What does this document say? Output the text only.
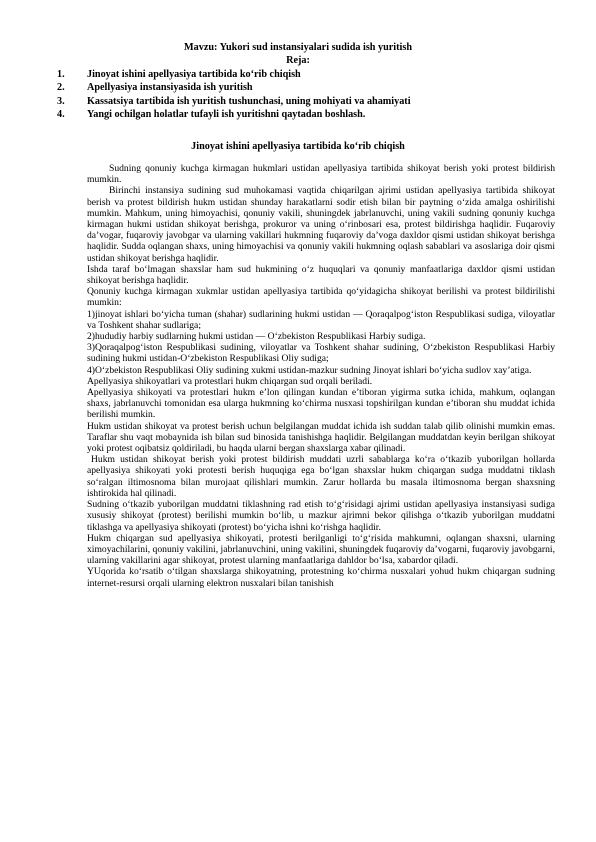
Mavzu: Yukori sud instansiyalari sudida ish yuritish
Reja:
1. Jinoyat ishini apellyasiya tartibida ko‘rib chiqish
2. Apellyasiya instansiyasida ish yuritish
3. Kassatsiya tartibida ish yuritish tushunchasi, uning mohiyati va ahamiyati
4. Yangi ochilgan holatlar tufayli ish yuritishni qaytadan boshlash.
Jinoyat ishini apellyasiya tartibida ko‘rib chiqish

Sudning qonuniy kuchga kirmagan hukmlari ustidan apellyasiya tartibida shikoyat berish yoki protest bildirish mumkin.

Birinchi instansiya sudining sud muhokamasi vaqtida chiqarilgan ajrimi ustidan apellyasiya tartibida shikoyat berish va protest bildirish hukm ustidan shunday harakatlarni sodir etish bilan bir paytning o‘zida amalga oshirilishi mumkin. Mahkum, uning himoyachisi, qonuniy vakili, shuningdek jabrlanuvchi, uning vakili sudning qonuniy kuchga kirmagan hukmi ustidan shikoyat berishga, prokuror va uning o‘rinbosari esa, protest bildirishga haqlidir. Fuqaroviy da’vogar, fuqaroviy javobgar va ularning vakillari hukmning fuqaroviy da’voga daxldor qismi ustidan shikoyat berishga haqlidir. Sudda oqlangan shaxs, uning himoyachisi va qonuniy vakili hukmning oqlash sabablari va asoslariga doir qismi ustidan shikoyat berishga haqlidir.

Ishda taraf bo‘lmagan shaxslar ham sud hukmining o‘z huquqlari va qonuniy manfaatlariga daxldor qismi ustidan shikoyat berishga haqlidir.

Qonuniy kuchga kirmagan xukmlar ustidan apellyasiya tartibida qo‘yidagicha shikoyat berilishi va protest bildirilishi mumkin:

1)jinoyat ishlari bo‘yicha tuman (shahar) sudlarining hukmi ustidan — Qoraqalpog‘iston Respublikasi sudiga, viloyatlar va Toshkent shahar sudlariga;

2)hududiy harbiy sudlarning hukmi ustidan — O‘zbekiston Respublikasi Harbiy sudiga.

3)Qoraqalpog‘iston Respublikasi sudining, viloyatlar va Toshkent shahar sudining, O‘zbekiston Respublikasi Harbiy sudining hukmi ustidan-O‘zbekiston Respublikasi Oliy sudiga;

4)O‘zbekiston Respublikasi Oliy sudining xukmi ustidan-mazkur sudning Jinoyat ishlari bo‘yicha sudlov xay’atiga.

Apellyasiya shikoyatlari va protestlari hukm chiqargan sud orqali beriladi.

Apellyasiya shikoyati va protestlari hukm e’lon qilingan kundan e’tiboran yigirma sutka ichida, mahkum, oqlangan shaxs, jabrlanuvchi tomonidan esa ularga hukmning ko‘chirma nusxasi topshirilgan kundan e’tiboran shu muddat ichida berilishi mumkin.

Hukm ustidan shikoyat va protest berish uchun belgilangan muddat ichida ish suddan talab qilib olinishi mumkin emas. Taraflar shu vaqt mobaynida ish bilan sud binosida tanishishga haqlidir. Belgilangan muddatdan keyin berilgan shikoyat yoki protest oqibatsiz qoldiriladi, bu haqda ularni bergan shaxslarga xabar qilinadi.

Hukm ustidan shikoyat berish yoki protest bildirish muddati uzrli sabablarga ko‘ra o‘tkazib yuborilgan hollarda apellyasiya shikoyati yoki protesti berish huquqiga ega bo‘lgan shaxslar hukm chiqargan sudga muddatni tiklash so‘ralgan iltimosnoma bilan murojaat qilishlari mumkin. Zarur hollarda bu masala iltimosnoma bergan shaxsning ishtirokida hal qilinadi.

Sudning o‘tkazib yuborilgan muddatni tiklashning rad etish to‘g‘risidagi ajrimi ustidan apellyasiya instansiyasi sudiga xususiy shikoyat (protest) berilishi mumkin bo‘lib, u mazkur ajrimni bekor qilishga o‘tkazib yuborilgan muddatni tiklashga va apellyasiya shikoyati (protest) bo‘yicha ishni ko‘rishga haqlidir.

Hukm chiqargan sud apellyasiya shikoyati, protesti berilganligi to‘g‘risida mahkumni, oqlangan shaxsni, ularning ximoyachilarini, qonuniy vakilini, jabrlanuvchini, uning vakilini, shuningdek fuqaroviy da’vogarni, fuqaroviy javobgarni, ularning vakillarini agar shikoyat, protest ularning manfaatlariga dahldor bo‘lsa, xabardor qiladi.

YUqorida ko‘rsatib o‘tilgan shaxslarga shikoyatning, protestning ko‘chirma nusxalari yohud hukm chiqargan sudning internet-resursi orqali ularning elektron nusxalari bilan tanishish
